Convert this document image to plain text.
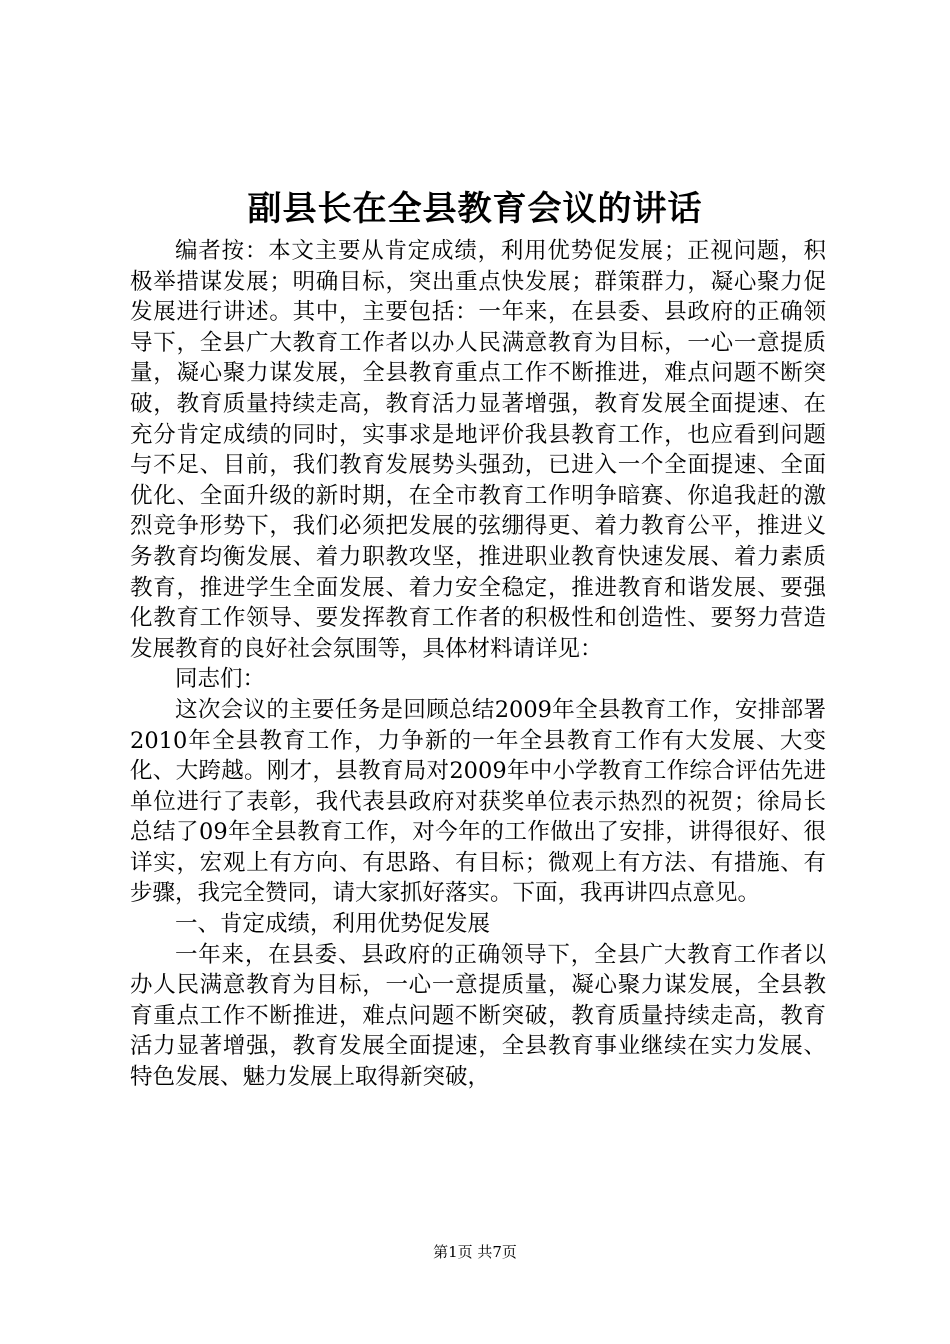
副县长在全县教育会议的讲话

编者按：本文主要从肯定成绩，利用优势促发展；正视问题，积极举措谋发展；明确目标，突出重点快发展；群策群力，凝心聚力促发展进行讲述。其中，主要包括：一年来，在县委、县政府的正确领导下，全县广大教育工作者以办人民满意教育为目标，一心一意提质量，凝心聚力谋发展，全县教育重点工作不断推进，难点问题不断突破，教育质量持续走高，教育活力显著增强，教育发展全面提速、在充分肯定成绩的同时，实事求是地评价我县教育工作，也应看到问题与不足、目前，我们教育发展势头强劲，已进入一个全面提速、全面优化、全面升级的新时期，在全市教育工作明争暗赛、你追我赶的激烈竞争形势下，我们必须把发展的弦绷得更、着力教育公平，推进义务教育均衡发展、着力职教攻坚，推进职业教育快速发展、着力素质教育，推进学生全面发展、着力安全稳定，推进教育和谐发展、要强化教育工作领导、要发挥教育工作者的积极性和创造性、要努力营造发展教育的良好社会氛围等，具体材料请详见：

同志们：

这次会议的主要任务是回顾总结2009年全县教育工作，安排部署2010年全县教育工作，力争新的一年全县教育工作有大发展、大变化、大跨越。刚才，县教育局对2009年中小学教育工作综合评估先进单位进行了表彰，我代表县政府对获奖单位表示热烈的祝贺；徐局长总结了09年全县教育工作，对今年的工作做出了安排，讲得很好、很详实，宏观上有方向、有思路、有目标；微观上有方法、有措施、有步骤，我完全赞同，请大家抓好落实。下面，我再讲四点意见。

一、肯定成绩，利用优势促发展

一年来，在县委、县政府的正确领导下，全县广大教育工作者以办人民满意教育为目标，一心一意提质量，凝心聚力谋发展，全县教育重点工作不断推进，难点问题不断突破，教育质量持续走高，教育活力显著增强，教育发展全面提速，全县教育事业继续在实力发展、特色发展、魅力发展上取得新突破，

第1页 共7页
